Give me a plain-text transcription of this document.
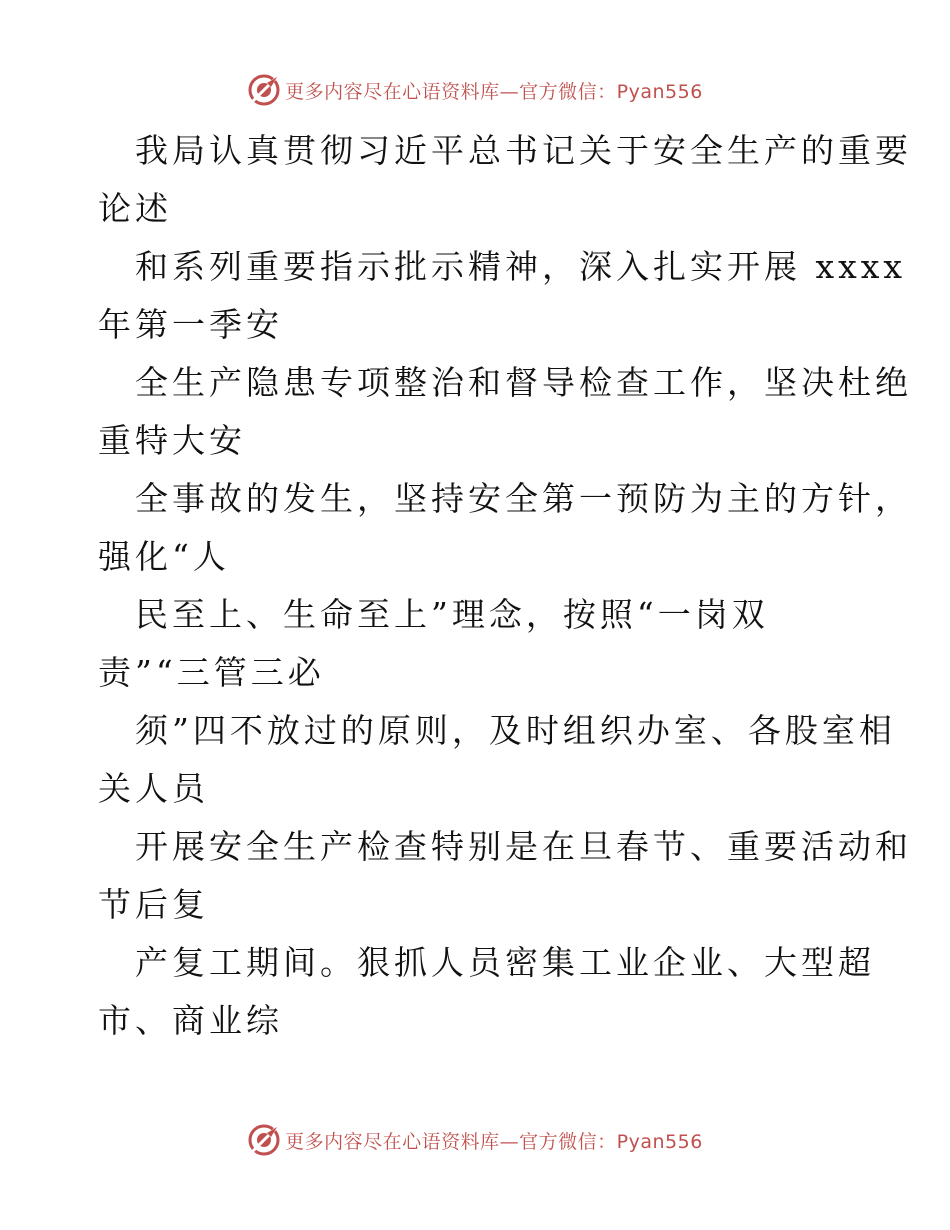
更多内容尽在心语资料库—官方微信：Pyan556
我局认真贯彻习近平总书记关于安全生产的重要
论述
和系列重要指示批示精神，深入扎实开展 xxxx
年第一季安
全生产隐患专项整治和督导检查工作，坚决杜绝
重特大安
全事故的发生，坚持安全第一预防为主的方针，
强化“人
民至上、生命至上”理念，按照“一岗双
责”“三管三必
须”四不放过的原则，及时组织办室、各股室相
关人员
开展安全生产检查特别是在旦春节、重要活动和
节后复
产复工期间。狠抓人员密集工业企业、大型超
市、商业综
更多内容尽在心语资料库—官方微信：Pyan556
